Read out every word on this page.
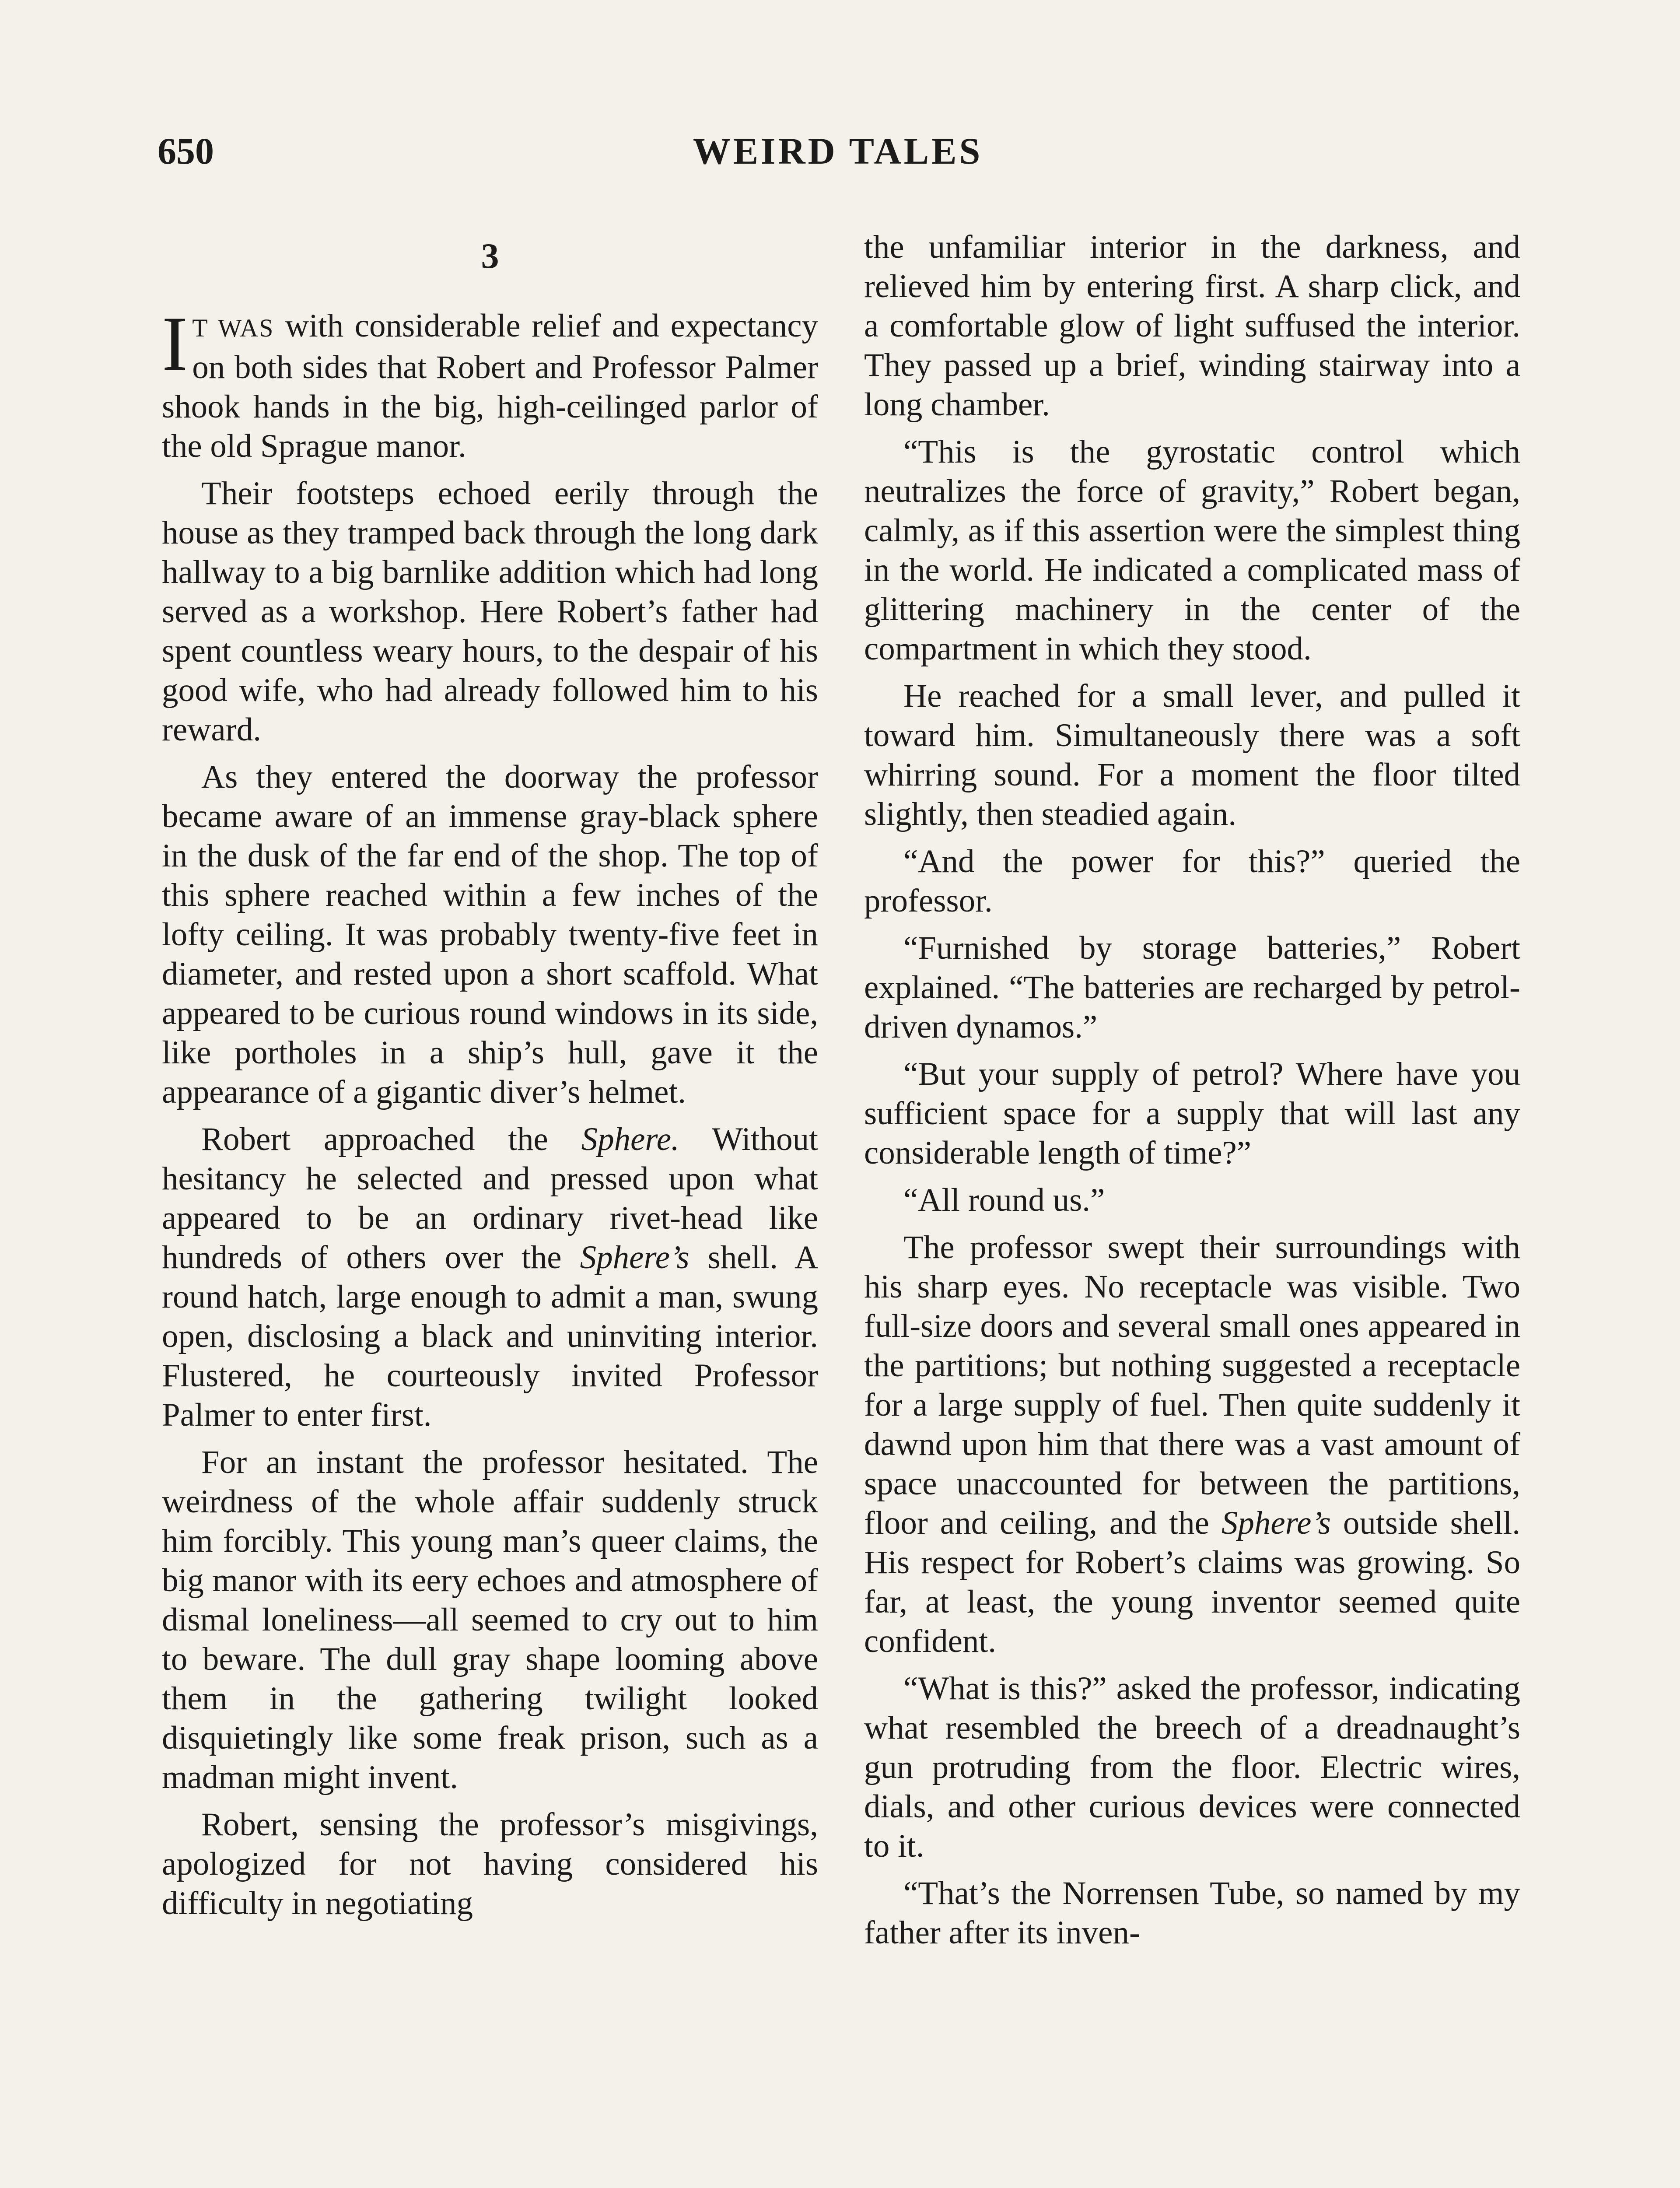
650	WEIRD TALES
3

I T WAS with considerable relief and expectancy on both sides that Robert and Professor Palmer shook hands in the big, high-ceilinged parlor of the old Sprague manor.

Their footsteps echoed eerily through the house as they tramped back through the long dark hallway to a big barnlike addition which had long served as a workshop. Here Robert’s father had spent countless weary hours, to the despair of his good wife, who had already followed him to his reward.

As they entered the doorway the professor became aware of an immense gray-black sphere in the dusk of the far end of the shop. The top of this sphere reached within a few inches of the lofty ceiling. It was probably twenty-five feet in diameter, and rested upon a short scaffold. What appeared to be curious round windows in its side, like portholes in a ship’s hull, gave it the appearance of a gigantic diver’s helmet.

Robert approached the Sphere. Without hesitancy he selected and pressed upon what appeared to be an ordinary rivet-head like hundreds of others over the Sphere’s shell. A round hatch, large enough to admit a man, swung open, disclosing a black and uninviting interior. Flustered, he courteously invited Professor Palmer to enter first.

For an instant the professor hesitated. The weirdness of the whole affair suddenly struck him forcibly. This young man’s queer claims, the big manor with its eery echoes and atmosphere of dismal loneliness—all seemed to cry out to him to beware. The dull gray shape looming above them in the gathering twilight looked disquietingly like some freak prison, such as a madman might invent.

Robert, sensing the professor’s misgivings, apologized for not having considered his difficulty in negotiating

the unfamiliar interior in the darkness, and relieved him by entering first. A sharp click, and a comfortable glow of light suffused the interior. They passed up a brief, winding stairway into a long chamber.

“This is the gyrostatic control which neutralizes the force of gravity,” Robert began, calmly, as if this assertion were the simplest thing in the world. He indicated a complicated mass of glittering machinery in the center of the compartment in which they stood.

He reached for a small lever, and pulled it toward him. Simultaneously there was a soft whirring sound. For a moment the floor tilted slightly, then steadied again.

“And the power for this?” queried the professor.

“Furnished by storage batteries,” Robert explained. “The batteries are recharged by petrol-driven dynamos.”

“But your supply of petrol? Where have you sufficient space for a supply that will last any considerable length of time?”

“All round us.”

The professor swept their surroundings with his sharp eyes. No receptacle was visible. Two full-size doors and several small ones appeared in the partitions; but nothing suggested a receptacle for a large supply of fuel. Then quite suddenly it dawnd upon him that there was a vast amount of space unaccounted for between the partitions, floor and ceiling, and the Sphere’s outside shell. His respect for Robert’s claims was growing. So far, at least, the young inventor seemed quite confident.

“What is this?” asked the professor, indicating what resembled the breech of a dreadnaught’s gun protruding from the floor. Electric wires, dials, and other curious devices were connected to it.

“That’s the Norrensen Tube, so named by my father after its inven-
